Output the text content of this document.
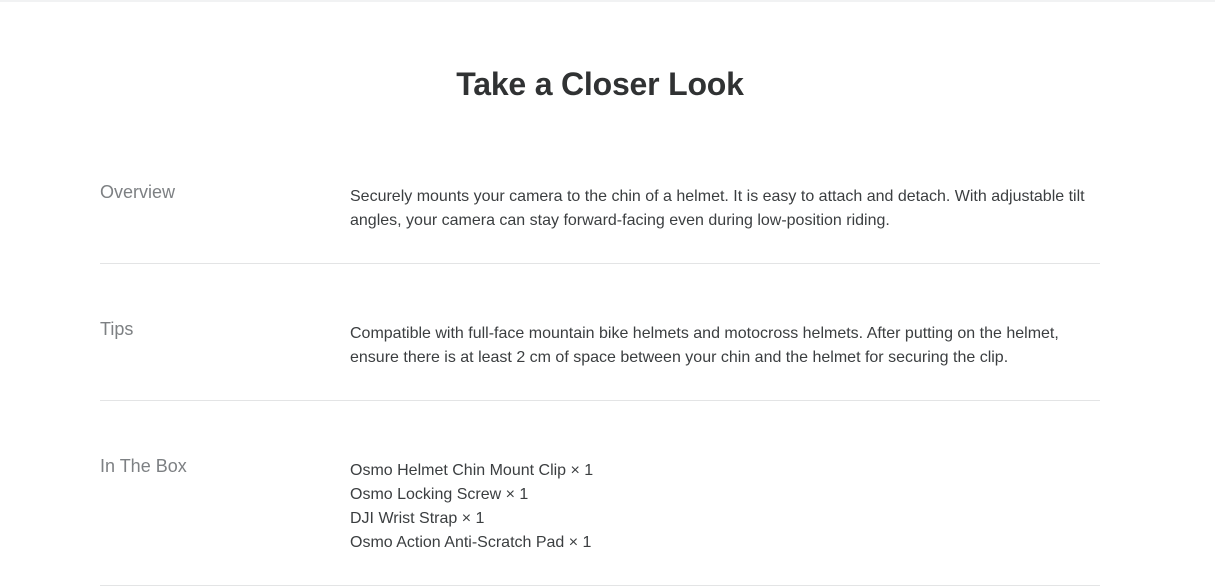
Take a Closer Look
Overview	Securely mounts your camera to the chin of a helmet. It is easy to attach and detach. With adjustable tilt angles, your camera can stay forward-facing even during low-position riding.

Tips	Compatible with full-face mountain bike helmets and motocross helmets. After putting on the helmet, ensure there is at least 2 cm of space between your chin and the helmet for securing the clip.

In The Box	Osmo Helmet Chin Mount Clip × 1
Osmo Locking Screw × 1
DJI Wrist Strap × 1
Osmo Action Anti-Scratch Pad × 1
